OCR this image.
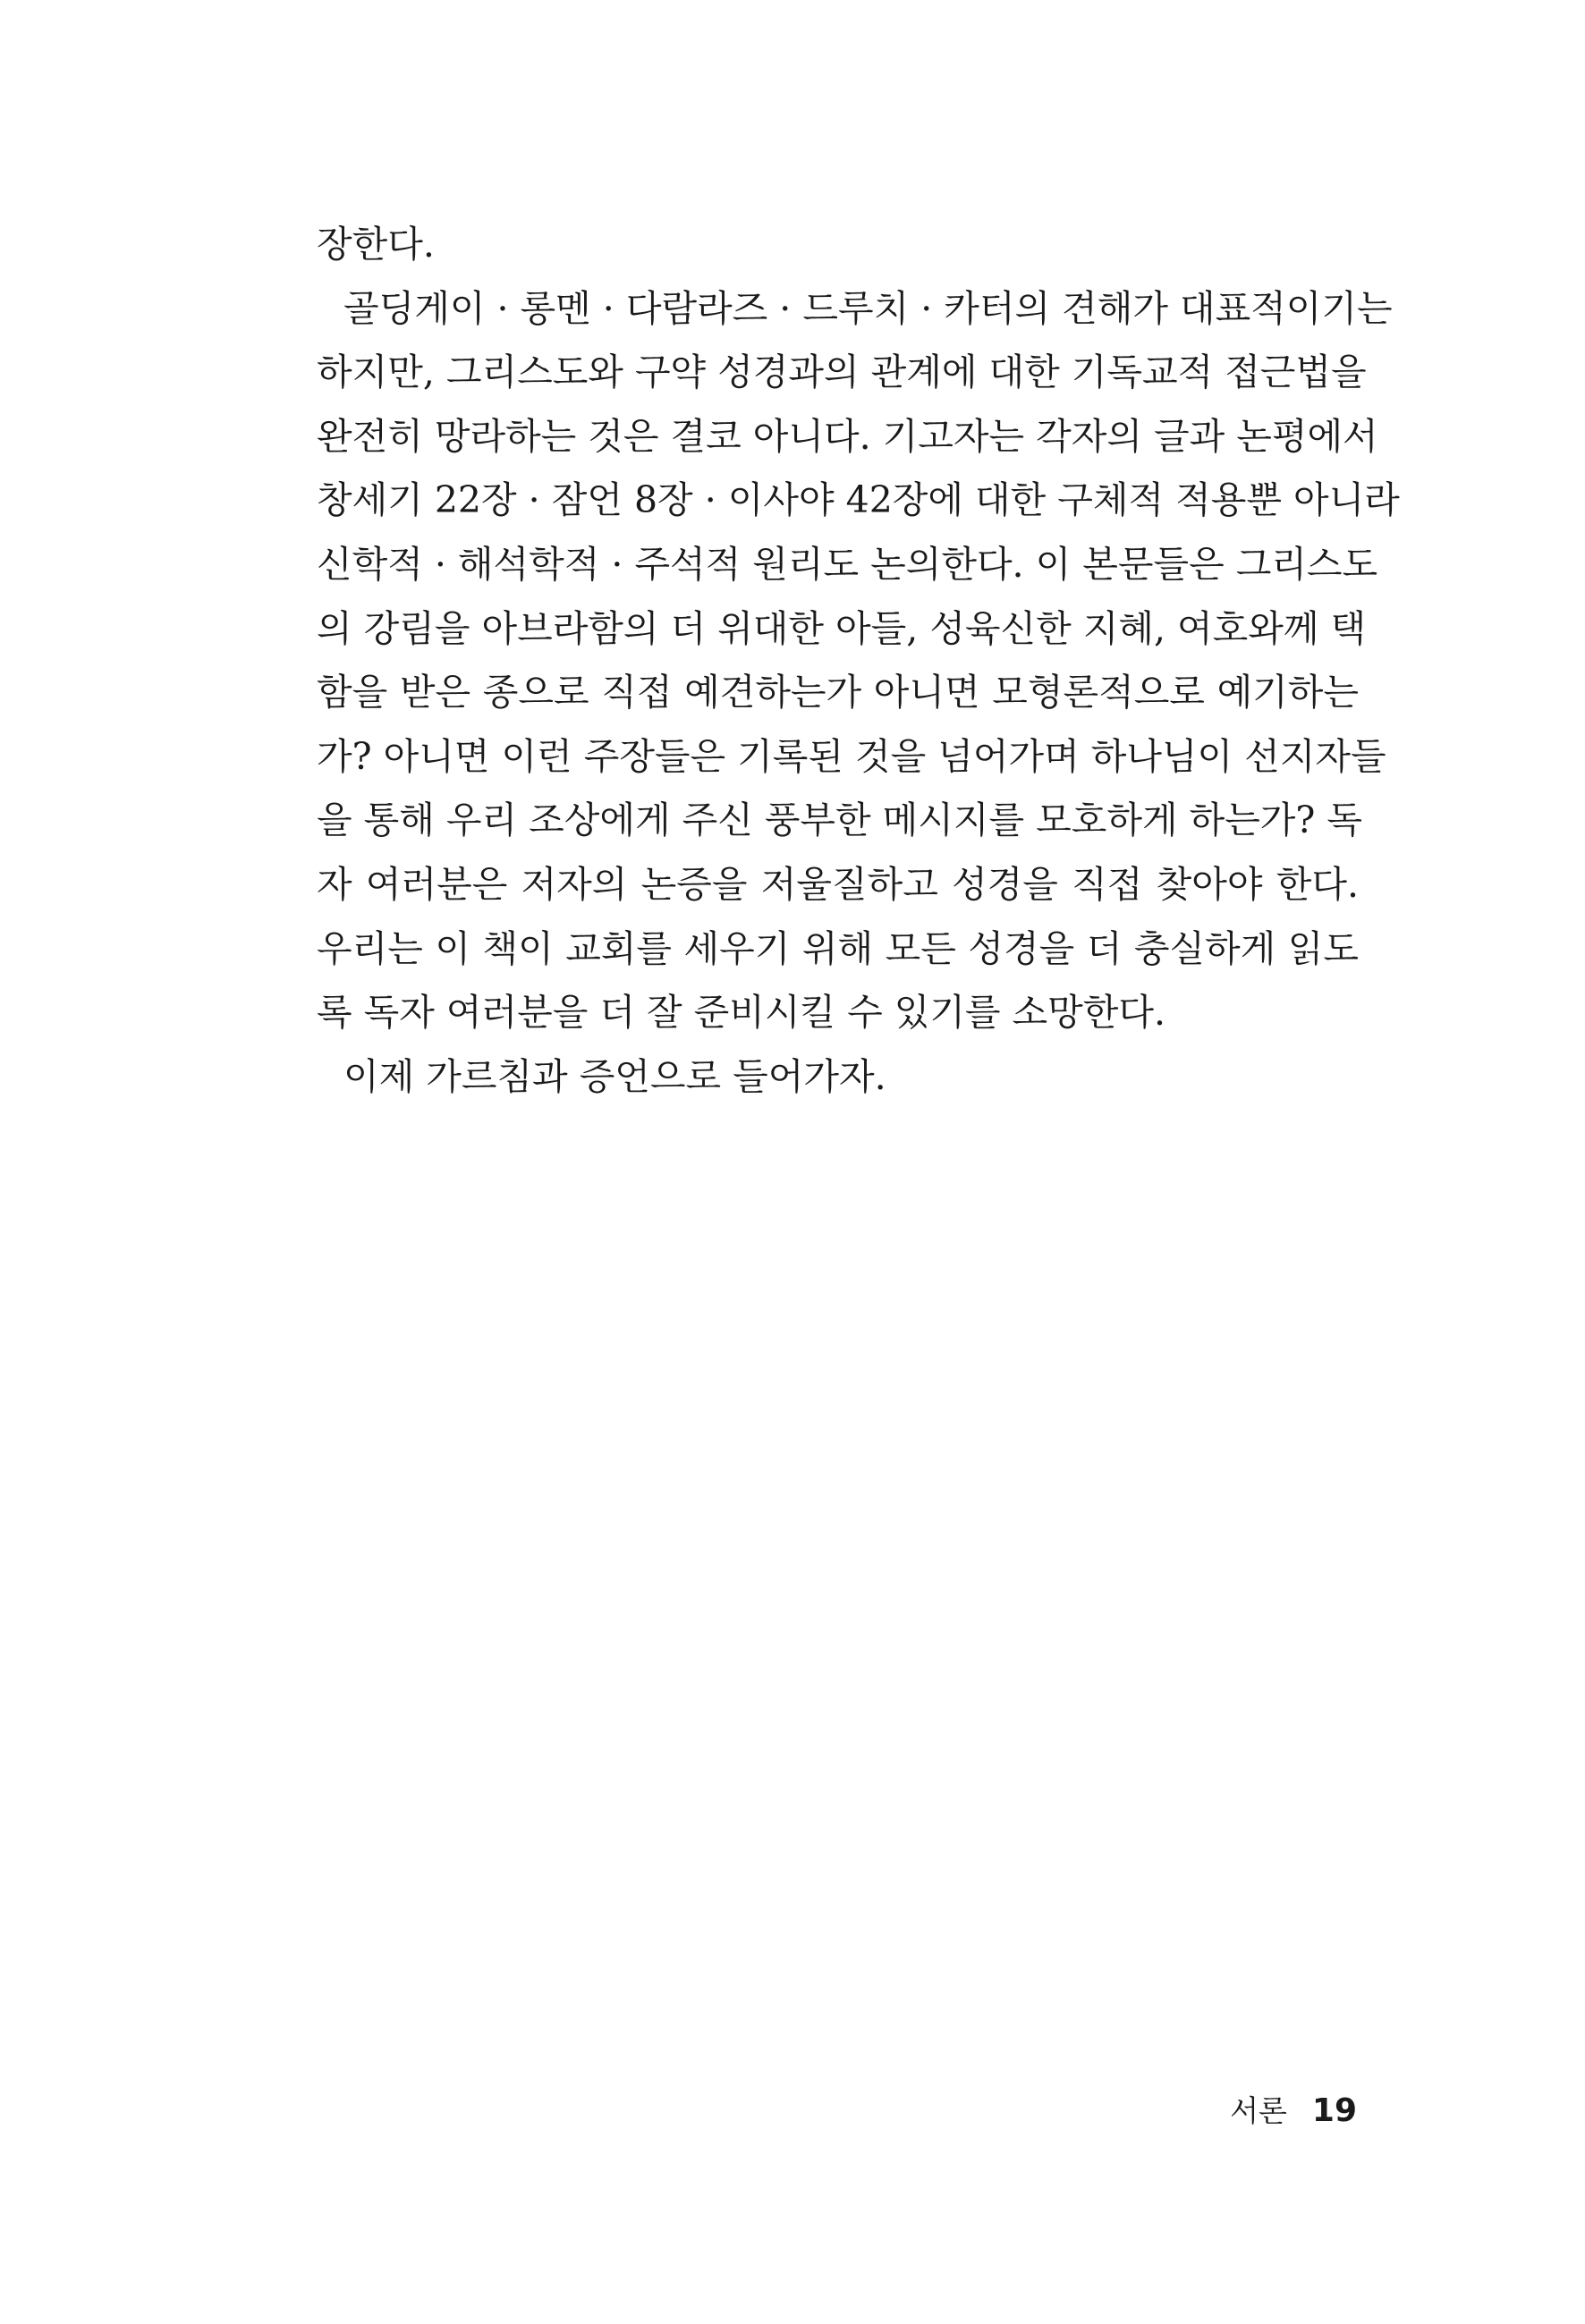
장한다.
골딩게이 · 롱멘 · 다람라즈 · 드루치 · 카터의 견해가 대표적이기는
하지만, 그리스도와 구약 성경과의 관계에 대한 기독교적 접근법을
완전히 망라하는 것은 결코 아니다. 기고자는 각자의 글과 논평에서
창세기 22장 · 잠언 8장 · 이사야 42장에 대한 구체적 적용뿐 아니라
신학적 · 해석학적 · 주석적 원리도 논의한다. 이 본문들은 그리스도
의 강림을 아브라함의 더 위대한 아들, 성육신한 지혜, 여호와께 택
함을 받은 종으로 직접 예견하는가 아니면 모형론적으로 예기하는
가? 아니면 이런 주장들은 기록된 것을 넘어가며 하나님이 선지자들
을 통해 우리 조상에게 주신 풍부한 메시지를 모호하게 하는가? 독
자 여러분은 저자의 논증을 저울질하고 성경을 직접 찾아야 한다.
우리는 이 책이 교회를 세우기 위해 모든 성경을 더 충실하게 읽도
록 독자 여러분을 더 잘 준비시킬 수 있기를 소망한다.
이제 가르침과 증언으로 들어가자.
서론 19
